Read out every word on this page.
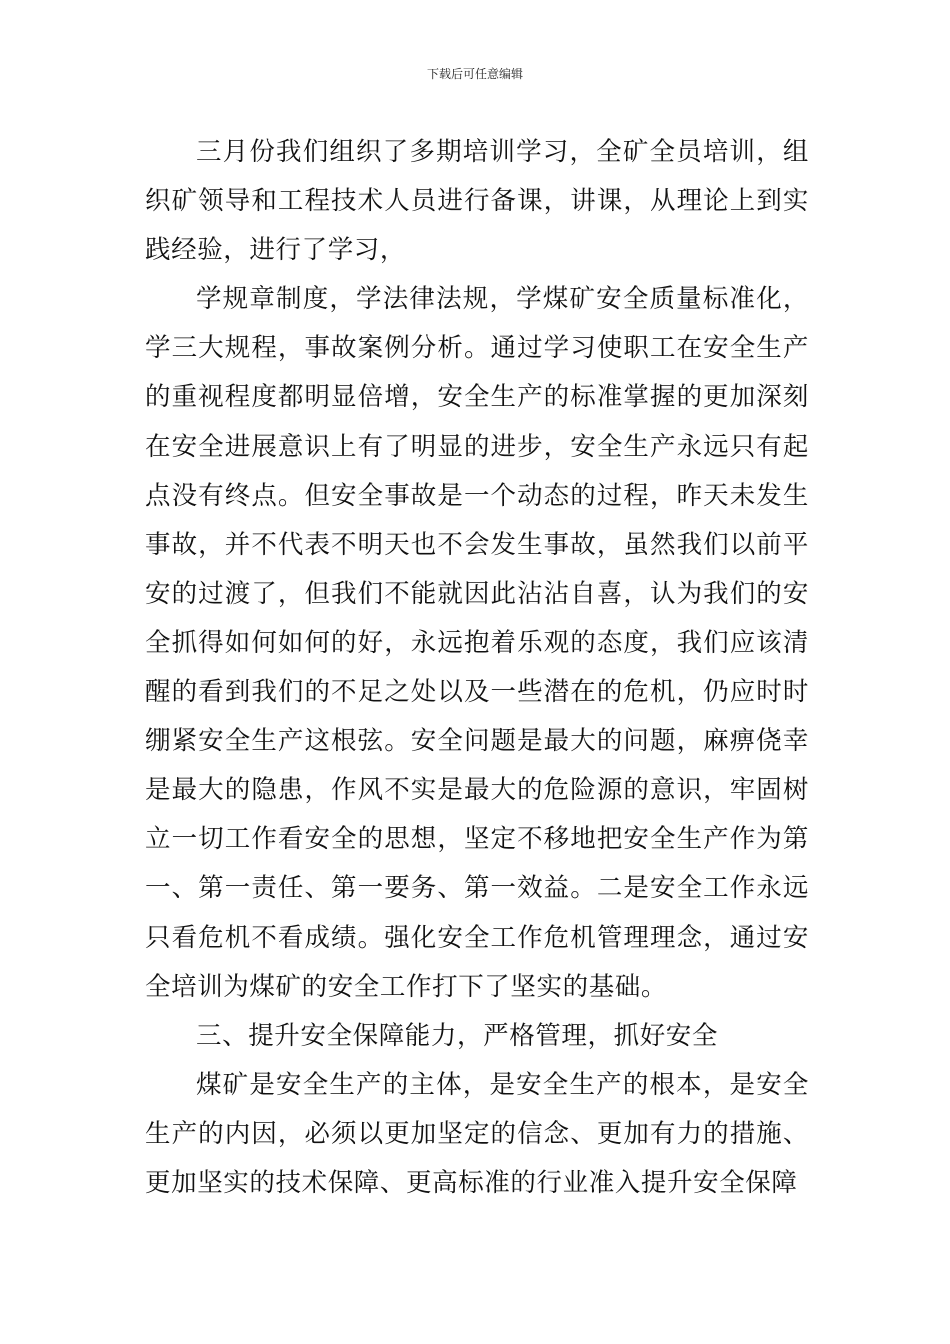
下载后可任意编辑

三月份我们组织了多期培训学习，全矿全员培训，组织矿领导和工程技术人员进行备课，讲课，从理论上到实践经验，进行了学习，

学规章制度，学法律法规，学煤矿安全质量标准化，学三大规程，事故案例分析。通过学习使职工在安全生产的重视程度都明显倍增，安全生产的标准掌握的更加深刻在安全进展意识上有了明显的进步，安全生产永远只有起点没有终点。但安全事故是一个动态的过程，昨天未发生事故，并不代表不明天也不会发生事故，虽然我们以前平安的过渡了，但我们不能就因此沾沾自喜，认为我们的安全抓得如何如何的好，永远抱着乐观的态度，我们应该清醒的看到我们的不足之处以及一些潜在的危机，仍应时时绷紧安全生产这根弦。安全问题是最大的问题，麻痹侥幸是最大的隐患，作风不实是最大的危险源的意识，牢固树立一切工作看安全的思想，坚定不移地把安全生产作为第一、第一责任、第一要务、第一效益。二是安全工作永远只看危机不看成绩。强化安全工作危机管理理念，通过安全培训为煤矿的安全工作打下了坚实的基础。

三、提升安全保障能力，严格管理，抓好安全

煤矿是安全生产的主体，是安全生产的根本，是安全生产的内因，必须以更加坚定的信念、更加有力的措施、更加坚实的技术保障、更高标准的行业准入提升安全保障
